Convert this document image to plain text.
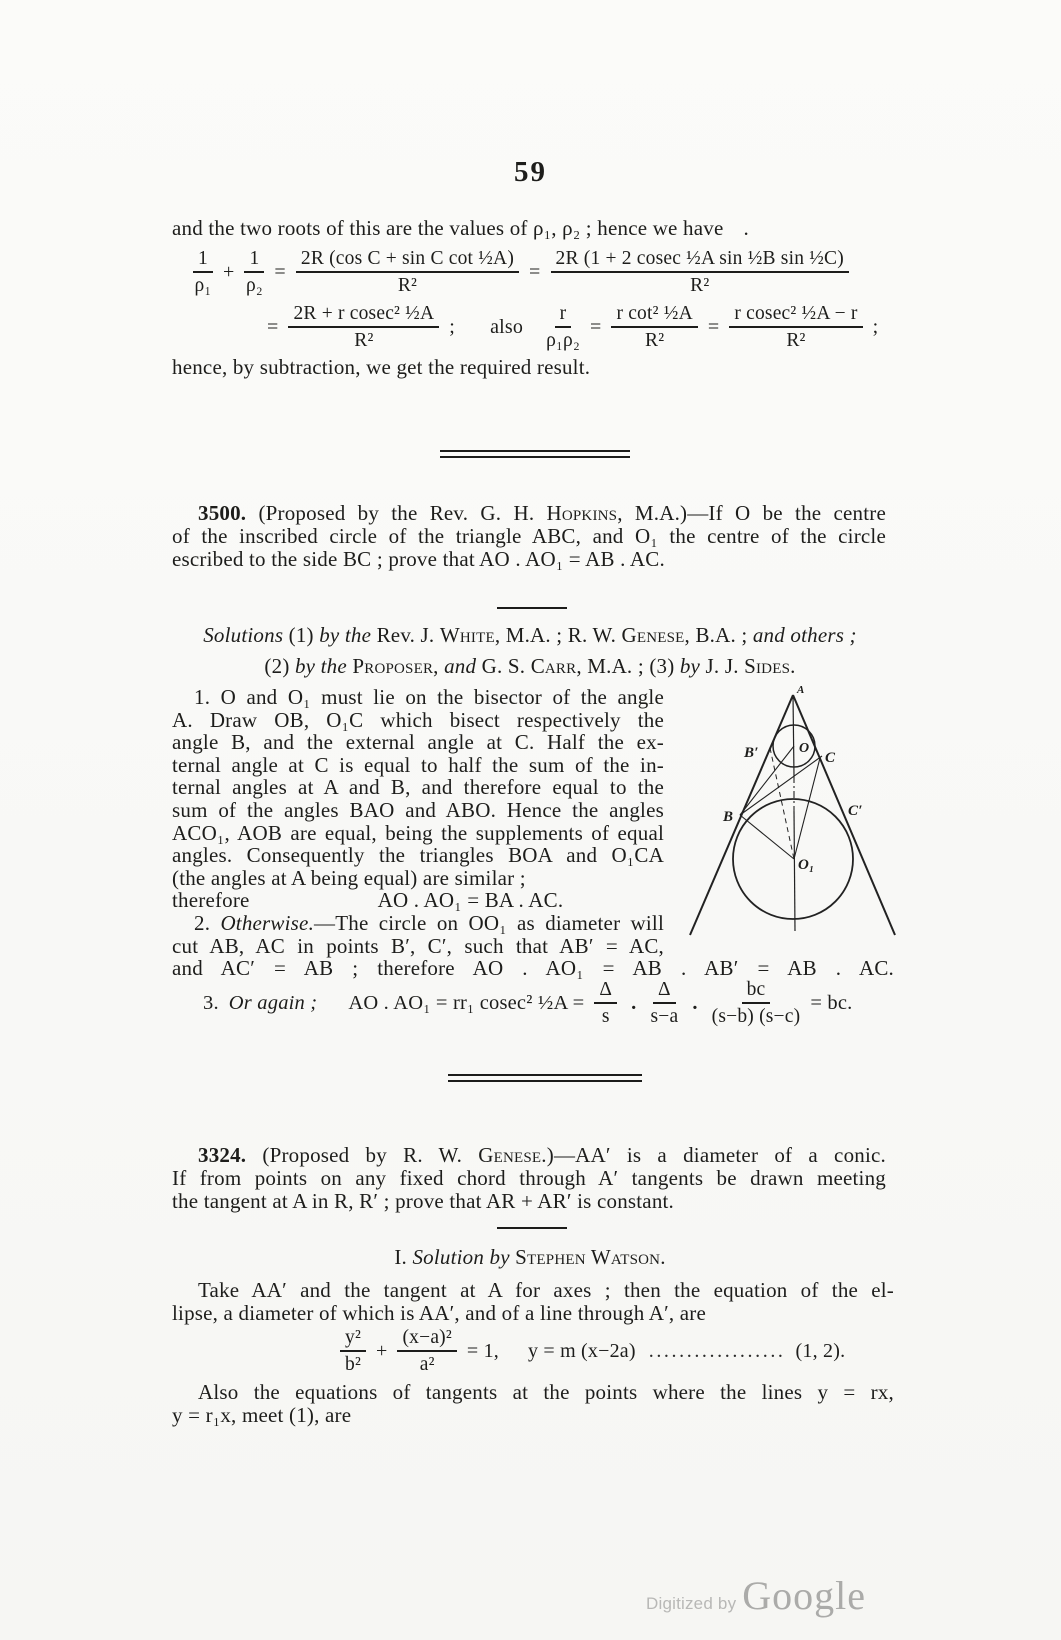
59
and the two roots of this are the values of ρ₁, ρ₂ ; hence we have .
$\frac{1}{\text{ρ₁}} + \frac{1}{\text{ρ₂}} = \frac{\text{2R (cos C + sin C cot ½A)}}{\text{R²}} = \frac{\text{2R (1 + 2 cosec ½A sin ½B sin ½C)}}{\text{R²}}$
= $\frac{\text{2R + r cosec² ½A}}{\text{R²}}$ ; also $\frac{r}{\text{ρ₁ρ₂}} = \frac{\text{r cot² ½A}}{\text{R²}} = \frac{\text{r cosec² ½A − r}}{\text{R²}}$ ;
hence, by subtraction, we get the required result.
3500. (Proposed by the Rev. G. H. Hopkins, M.A.)—If O be the centre
of the inscribed circle of the triangle ABC, and O₁ the centre of the circle
escribed to the side BC ; prove that AO . AO₁ = AB . AC.
Solutions (1) by the Rev. J. White, M.A. ; R. W. Genese, B.A. ; and others ;
(2) by the Proposer, and G. S. Carr, M.A. ; (3) by J. J. Sides.
1. O and O₁ must lie on the bisector of the angle
A. Draw OB, O₁C which bisect respectively the
angle B, and the external angle at C. Half the ex-
ternal angle at C is equal to half the sum of the in-
ternal angles at A and B, and therefore equal to the
sum of the angles BAO and ABO. Hence the angles
ACO₁, AOB are equal, being the supplements of equal
angles. Consequently the triangles BOA and O₁CA
(the angles at A being equal) are similar ;
therefore	AO . AO₁ = BA . AC.
2. Otherwise.—The circle on OO₁ as diameter will
cut AB, AC in points B′, C′, such that AB′ = AC,
and AC′ = AB ; therefore AO . AO₁ = AB . AB′ = AB . AC.
A
B′	O
C
B	C′
O₁
3. Or again ; AO . AO₁ = rr₁ cosec² ½A = $\frac{\Delta}{s}$ . $\frac{\Delta}{s-a}$ . $\frac{bc}{(s-b) (s-c)}$ = bc.
3324. (Proposed by R. W. Genese.)—AA′ is a diameter of a conic.
If from points on any fixed chord through A′ tangents be drawn meeting
the tangent at A in R, R′ ; prove that AR + AR′ is constant.
I. Solution by Stephen Watson.
Take AA′ and the tangent at A for axes ; then the equation of the el-
lipse, a diameter of which is AA′, and of a line through A′, are
$\frac{\text{y²}}{\text{b²}} + \frac{\text{(x−a)²}}{\text{a²}} = 1$, y = m (x−2a) .................. (1, 2).
Also the equations of tangents at the points where the lines y = rx,
y = r₁x, meet (1), are
Digitized by Google
